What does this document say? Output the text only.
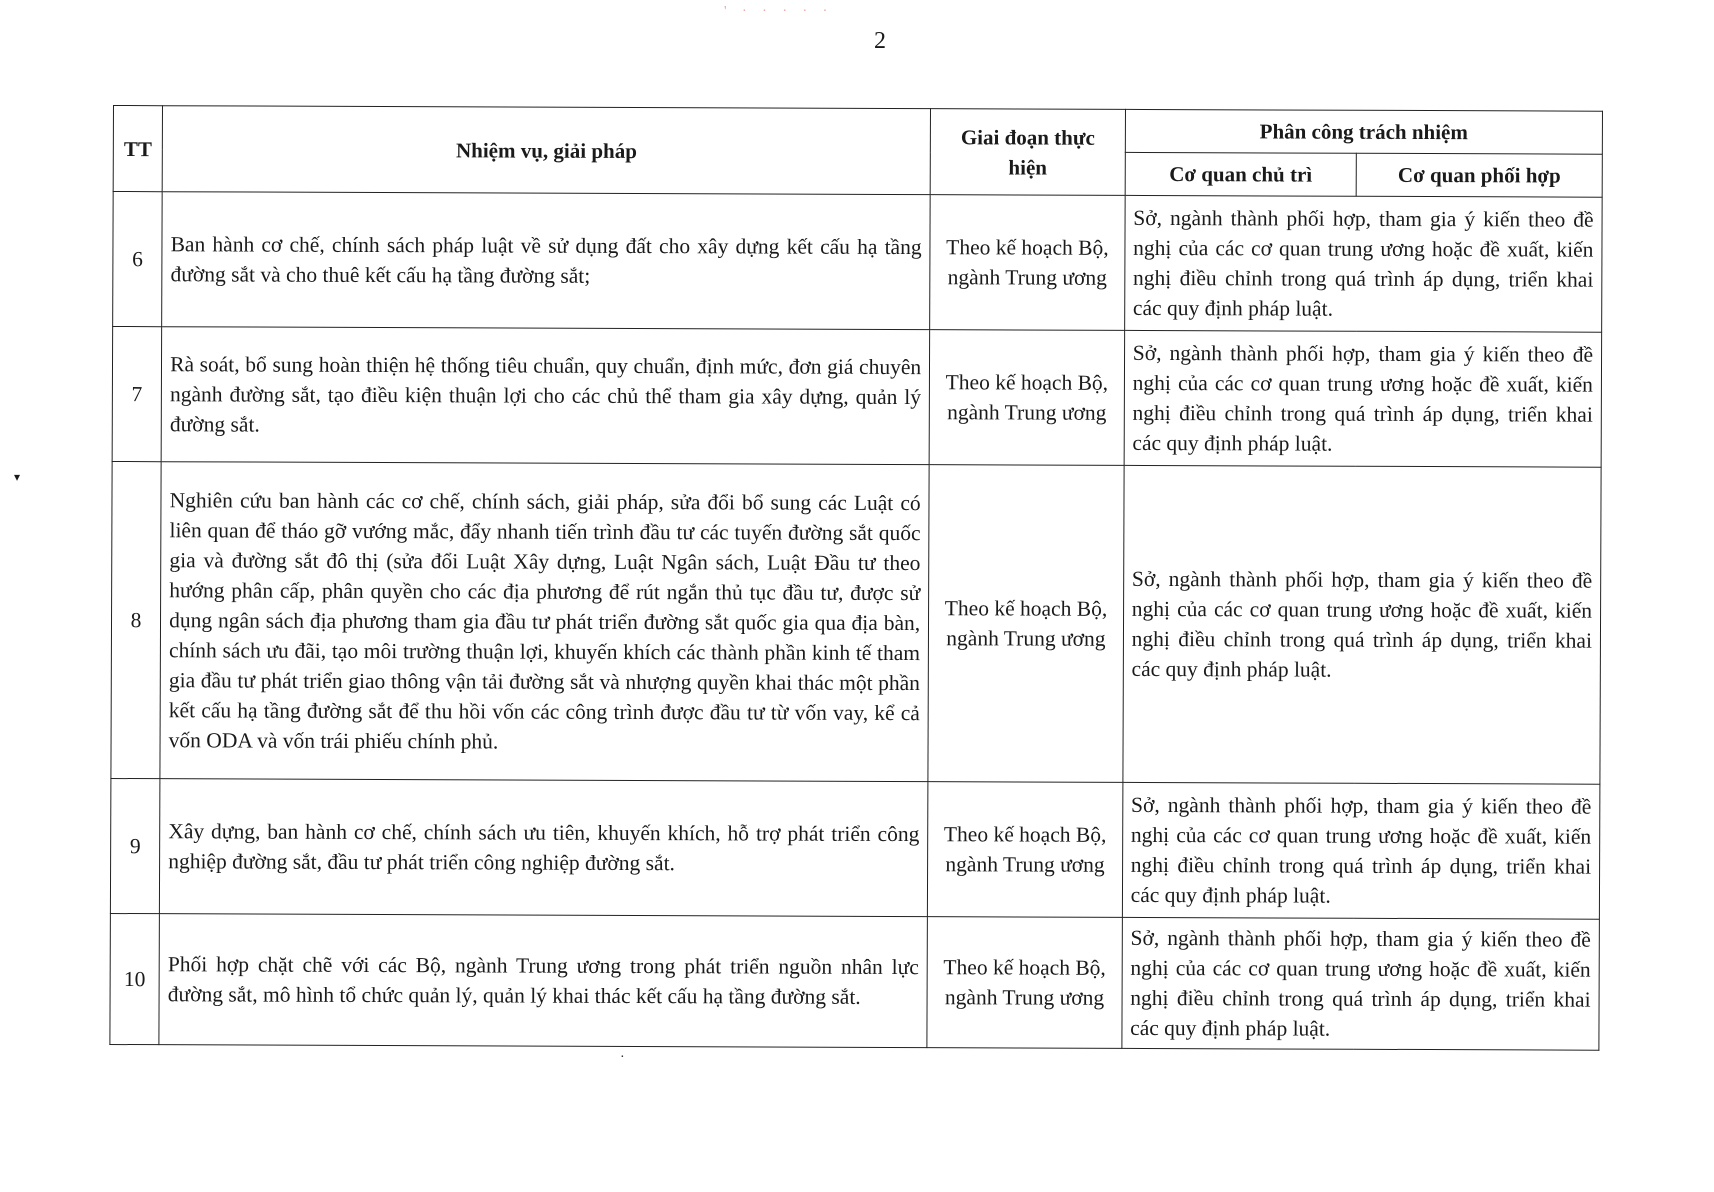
' · · · · ·
2
TT	Nhiệm vụ, giải pháp	Giai đoạn thực hiện	Phân công trách nhiệm	
			Cơ quan chủ trì	Cơ quan phối hợp
6	Ban hành cơ chế, chính sách pháp luật về sử dụng đất cho xây dựng kết cấu hạ tầng đường sắt và cho thuê kết cấu hạ tầng đường sắt;	Theo kế hoạch Bộ, ngành Trung ương	Sở, ngành thành phối hợp, tham gia ý kiến theo đề nghị của các cơ quan trung ương hoặc đề xuất, kiến nghị điều chỉnh trong quá trình áp dụng, triển khai các quy định pháp luật.	
7	Rà soát, bổ sung hoàn thiện hệ thống tiêu chuẩn, quy chuẩn, định mức, đơn giá chuyên ngành đường sắt, tạo điều kiện thuận lợi cho các chủ thể tham gia xây dựng, quản lý đường sắt.	Theo kế hoạch Bộ, ngành Trung ương	Sở, ngành thành phối hợp, tham gia ý kiến theo đề nghị của các cơ quan trung ương hoặc đề xuất, kiến nghị điều chỉnh trong quá trình áp dụng, triển khai các quy định pháp luật.	
8	Nghiên cứu ban hành các cơ chế, chính sách, giải pháp, sửa đổi bổ sung các Luật có liên quan để tháo gỡ vướng mắc, đẩy nhanh tiến trình đầu tư các tuyến đường sắt quốc gia và đường sắt đô thị (sửa đổi Luật Xây dựng, Luật Ngân sách, Luật Đầu tư theo hướng phân cấp, phân quyền cho các địa phương để rút ngắn thủ tục đầu tư, được sử dụng ngân sách địa phương tham gia đầu tư phát triển đường sắt quốc gia qua địa bàn, chính sách ưu đãi, tạo môi trường thuận lợi, khuyến khích các thành phần kinh tế tham gia đầu tư phát triển giao thông vận tải đường sắt và nhượng quyền khai thác một phần kết cấu hạ tầng đường sắt để thu hồi vốn các công trình được đầu tư từ vốn vay, kể cả vốn ODA và vốn trái phiếu chính phủ.	Theo kế hoạch Bộ, ngành Trung ương	Sở, ngành thành phối hợp, tham gia ý kiến theo đề nghị của các cơ quan trung ương hoặc đề xuất, kiến nghị điều chỉnh trong quá trình áp dụng, triển khai các quy định pháp luật.	
9	Xây dựng, ban hành cơ chế, chính sách ưu tiên, khuyến khích, hỗ trợ phát triển công nghiệp đường sắt, đầu tư phát triển công nghiệp đường sắt.	Theo kế hoạch Bộ, ngành Trung ương	Sở, ngành thành phối hợp, tham gia ý kiến theo đề nghị của các cơ quan trung ương hoặc đề xuất, kiến nghị điều chỉnh trong quá trình áp dụng, triển khai các quy định pháp luật.	
10	Phối hợp chặt chẽ với các Bộ, ngành Trung ương trong phát triển nguồn nhân lực đường sắt, mô hình tổ chức quản lý, quản lý khai thác kết cấu hạ tầng đường sắt.	Theo kế hoạch Bộ, ngành Trung ương	Sở, ngành thành phối hợp, tham gia ý kiến theo đề nghị của các cơ quan trung ương hoặc đề xuất, kiến nghị điều chỉnh trong quá trình áp dụng, triển khai các quy định pháp luật.	
▾
·
